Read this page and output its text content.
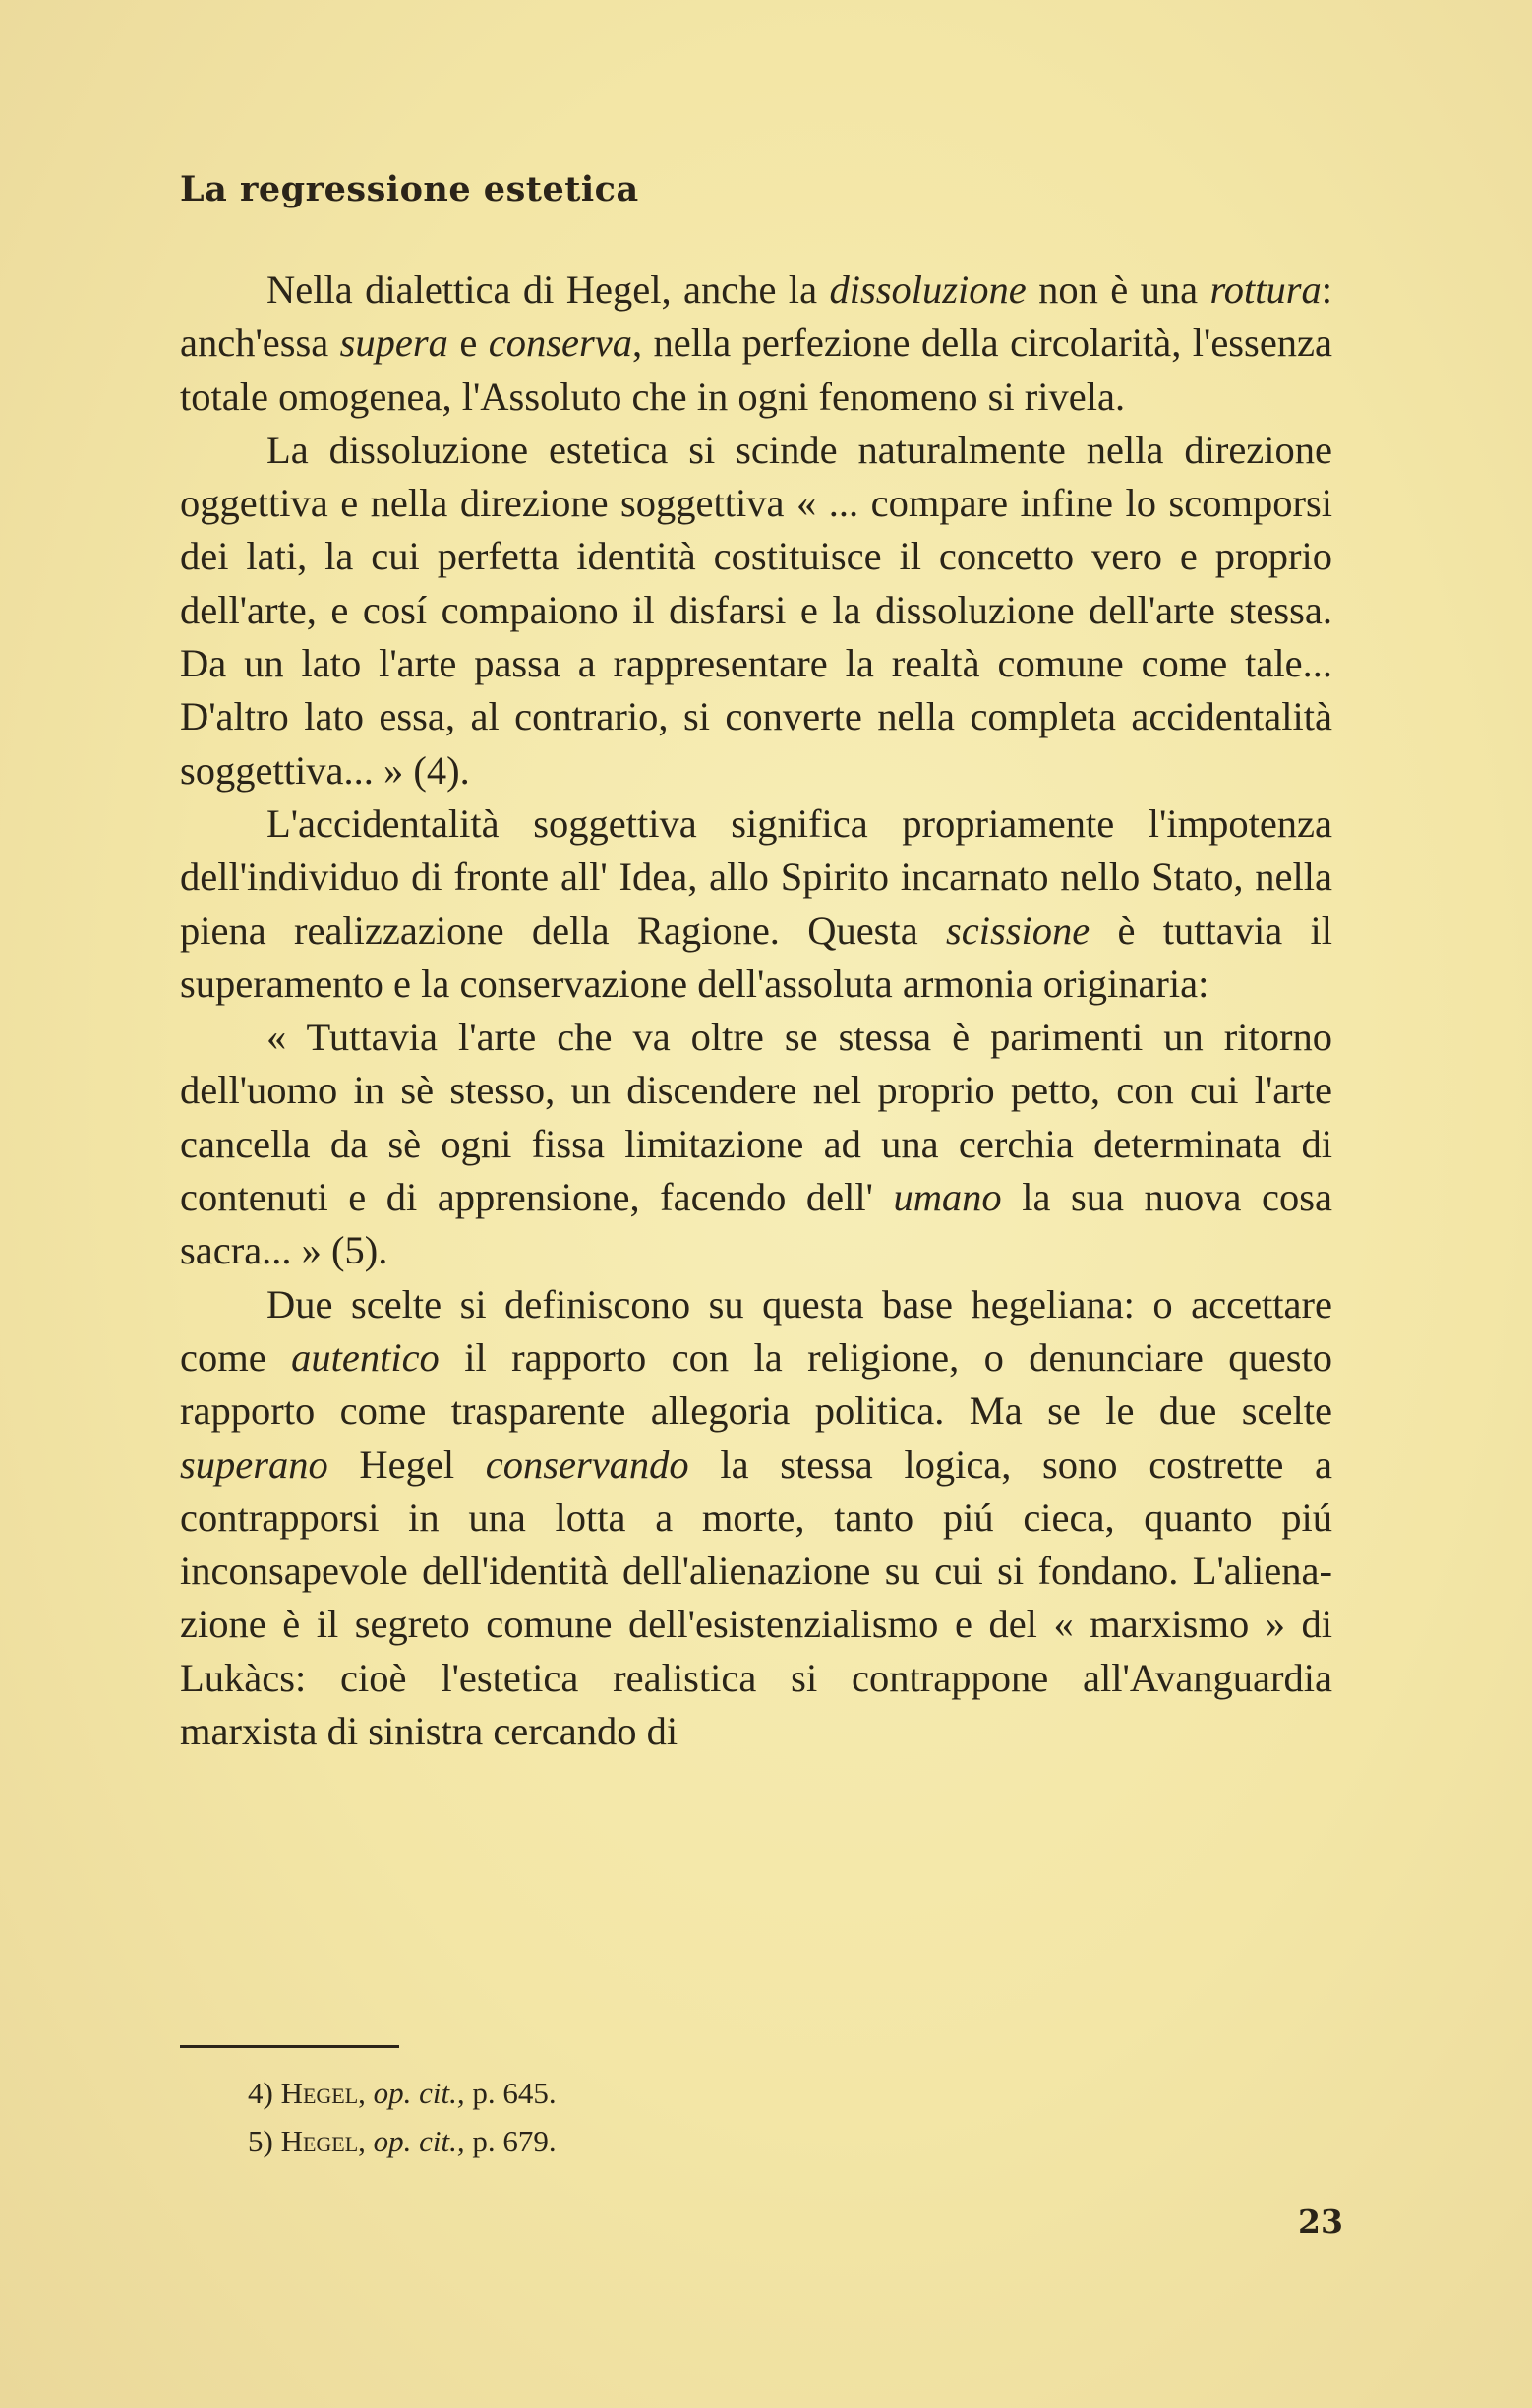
La regressione estetica

Nella dialettica di Hegel, anche la dissoluzione non è una rottura: anch'essa supera e conserva, nella perfezione della circolarità, l'essenza totale omogenea, l'Assoluto che in ogni fenomeno si rivela.

La dissoluzione estetica si scinde naturalmente nella direzione oggettiva e nella direzione soggettiva « ... compare infine lo scomporsi dei lati, la cui perfetta identità costituisce il concetto vero e proprio dell'arte, e cosí compaiono il disfarsi e la dissoluzione dell'arte stessa. Da un lato l'arte passa a rappresentare la realtà comune come tale... D'altro lato essa, al contrario, si converte nella completa accidentalità soggettiva... » (4).

L'accidentalità soggettiva significa propriamente l'impotenza dell'individuo di fronte all' Idea, allo Spirito incarnato nello Stato, nella piena realizzazione della Ragione. Questa scissione è tuttavia il superamento e la conservazione dell'assoluta armonia originaria:

« Tuttavia l'arte che va oltre se stessa è parimenti un ritorno dell'uomo in sè stesso, un discendere nel proprio petto, con cui l'arte cancella da sè ogni fissa limitazione ad una cerchia determinata di contenuti e di apprensione, facendo dell' umano la sua nuova cosa sacra... » (5).

Due scelte si definiscono su questa base hegeliana: o accettare come autentico il rapporto con la religione, o denunciare questo rapporto come trasparente allegoria politica. Ma se le due scelte superano Hegel conservando la stessa logica, sono costrette a contrapporsi in una lotta a morte, tanto piú cieca, quanto piú inconsapevole dell'identità dell'alienazione su cui si fondano. L'alienazione è il segreto comune dell'esistenzialismo e del « marxismo » di Lukàcs: cioè l'estetica realistica si contrappone all'Avanguardia marxista di sinistra cercando di

4) Hegel, op. cit., p. 645.
5) Hegel, op. cit., p. 679.
23
